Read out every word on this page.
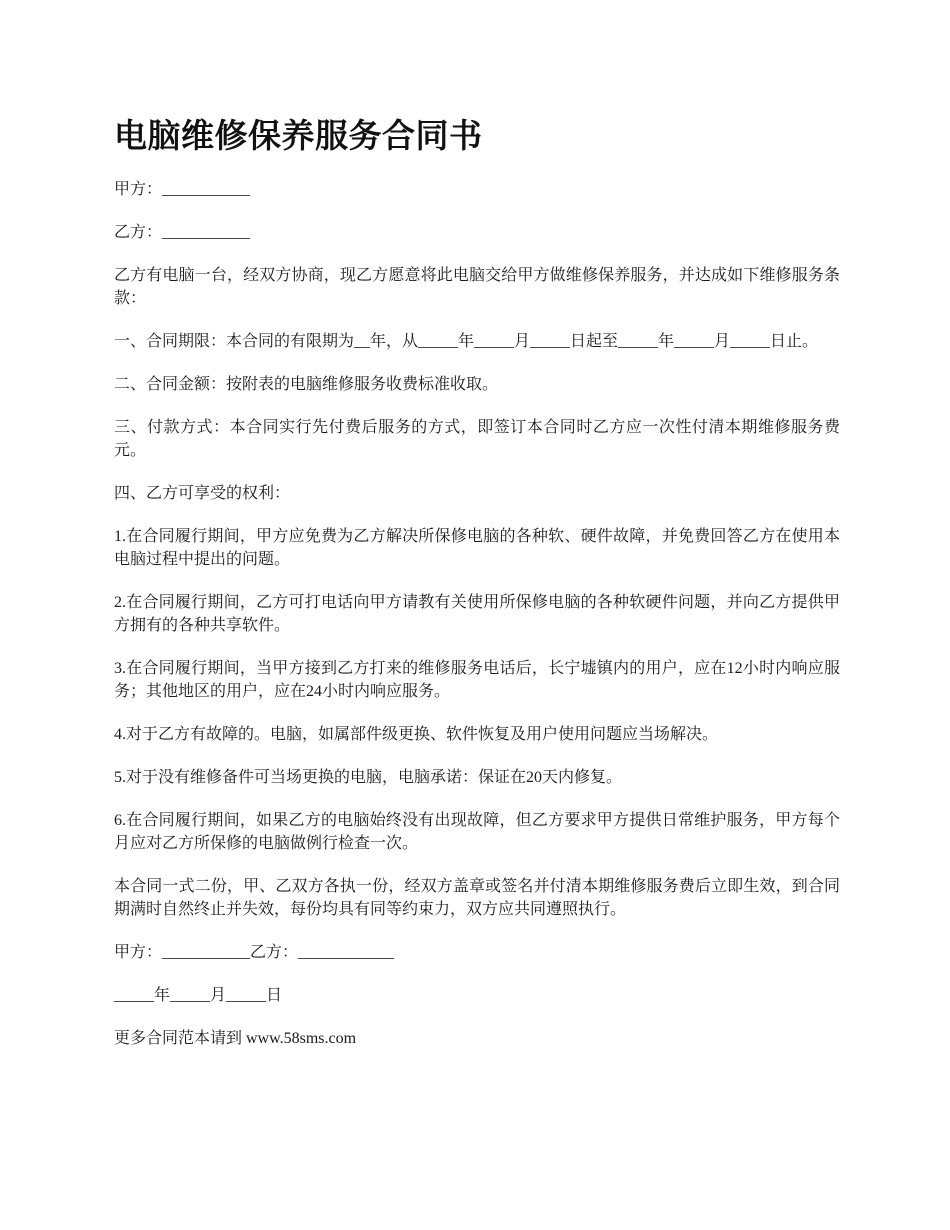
电脑维修保养服务合同书

甲方：___________

乙方：___________

乙方有电脑一台，经双方协商，现乙方愿意将此电脑交给甲方做维修保养服务，并达成如下维修服务条款：

一、合同期限：本合同的有限期为__年，从_____年_____月_____日起至_____年_____月_____日止。

二、合同金额：按附表的电脑维修服务收费标准收取。

三、付款方式：本合同实行先付费后服务的方式，即签订本合同时乙方应一次性付清本期维修服务费元。

四、乙方可享受的权利：

1.在合同履行期间，甲方应免费为乙方解决所保修电脑的各种软、硬件故障，并免费回答乙方在使用本电脑过程中提出的问题。

2.在合同履行期间，乙方可打电话向甲方请教有关使用所保修电脑的各种软硬件问题，并向乙方提供甲方拥有的各种共享软件。

3.在合同履行期间，当甲方接到乙方打来的维修服务电话后，长宁墟镇内的用户，应在12小时内响应服务；其他地区的用户，应在24小时内响应服务。

4.对于乙方有故障的。电脑，如属部件级更换、软件恢复及用户使用问题应当场解决。

5.对于没有维修备件可当场更换的电脑，电脑承诺：保证在20天内修复。

6.在合同履行期间，如果乙方的电脑始终没有出现故障，但乙方要求甲方提供日常维护服务，甲方每个月应对乙方所保修的电脑做例行检查一次。

本合同一式二份，甲、乙双方各执一份，经双方盖章或签名并付清本期维修服务费后立即生效，到合同期满时自然终止并失效，每份均具有同等约束力，双方应共同遵照执行。

甲方：___________乙方：____________

_____年_____月_____日

更多合同范本请到 www.58sms.com
